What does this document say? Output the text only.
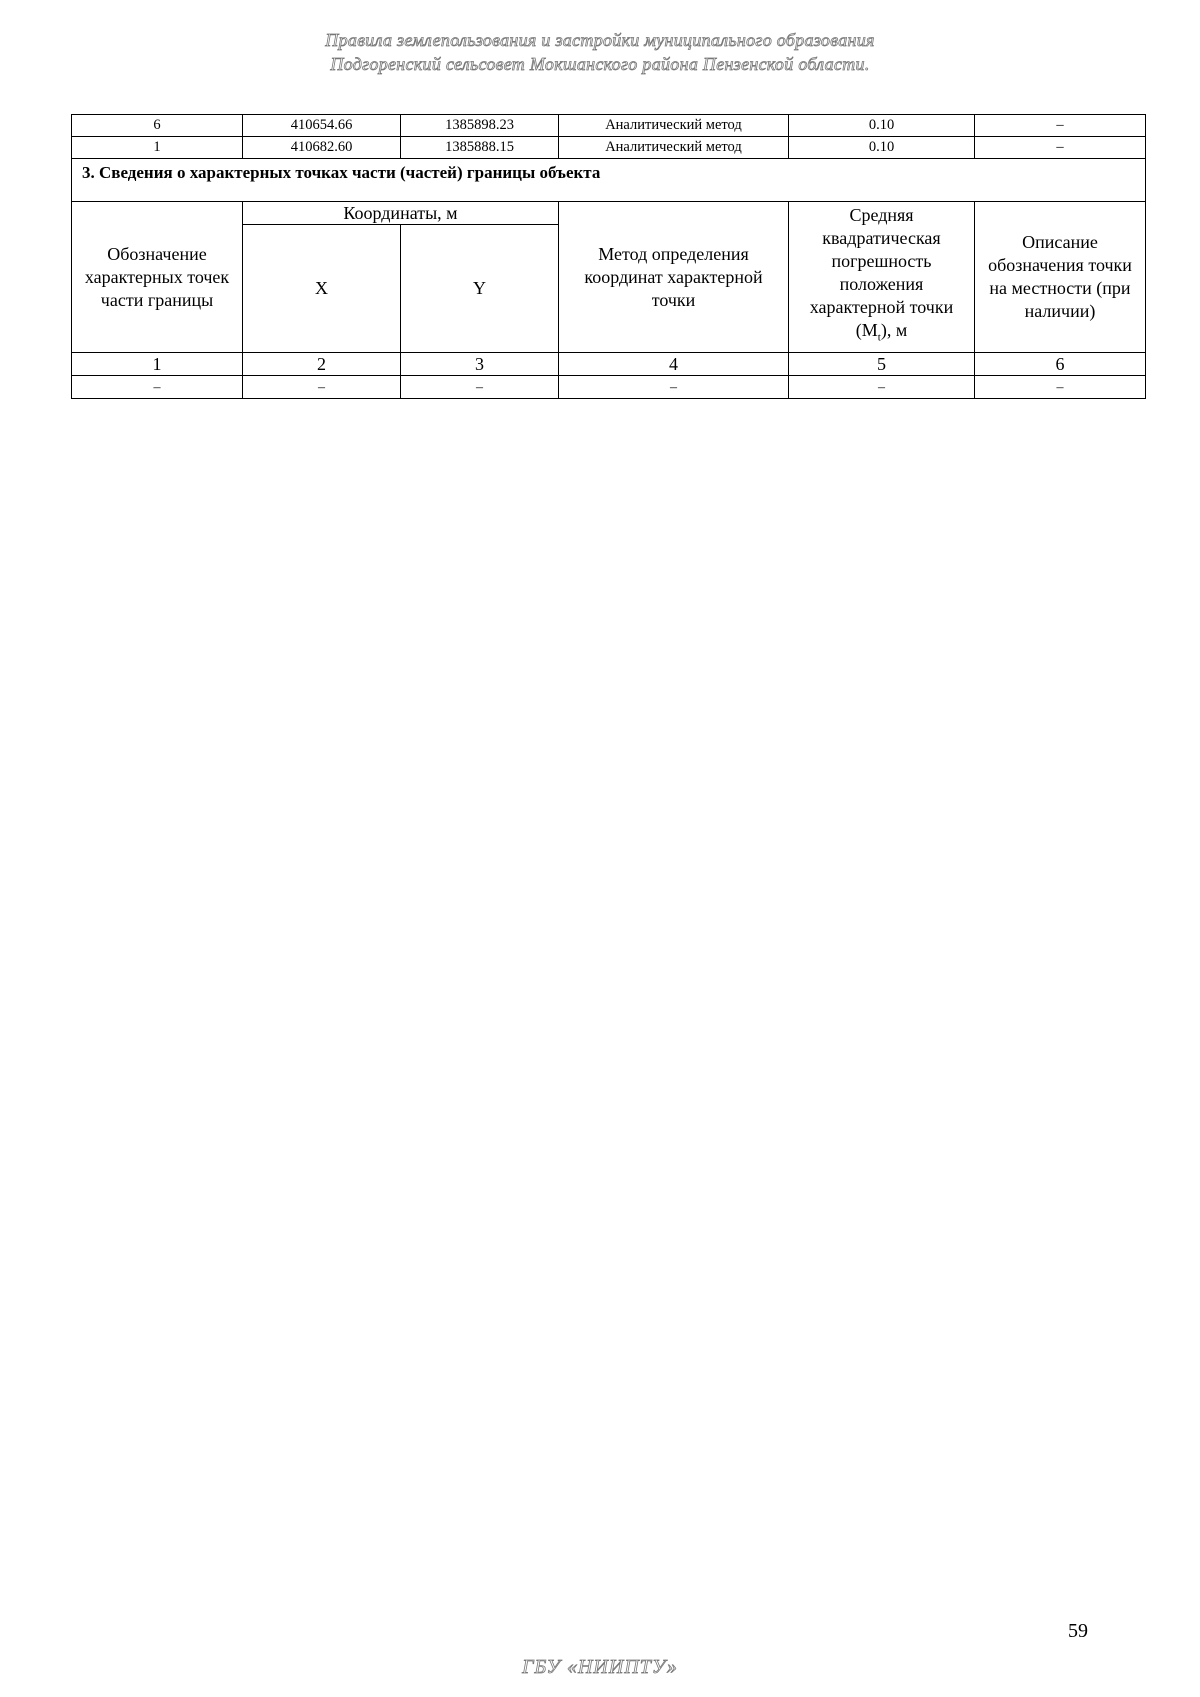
Правила землепользования и застройки муниципального образования
Подгоренский сельсовет Мокшанского района Пензенской области.
6	410654.66	1385898.23	Аналитический метод	0.10	–
1	410682.60	1385888.15	Аналитический метод	0.10	–
3. Сведения о характерных точках части (частей) границы объекта					
Обозначение характерных точек части границы	Координаты, м		Метод определения координат характерной точки	Средняя квадратическая погрешность положения характерной точки $(M_t)$, м	Описание обозначения точки на местности (при наличии)
	X	Y			
1	2	3	4	5	6
–	–	–	–	–	–
59
ГБУ «НИИПТУ»
